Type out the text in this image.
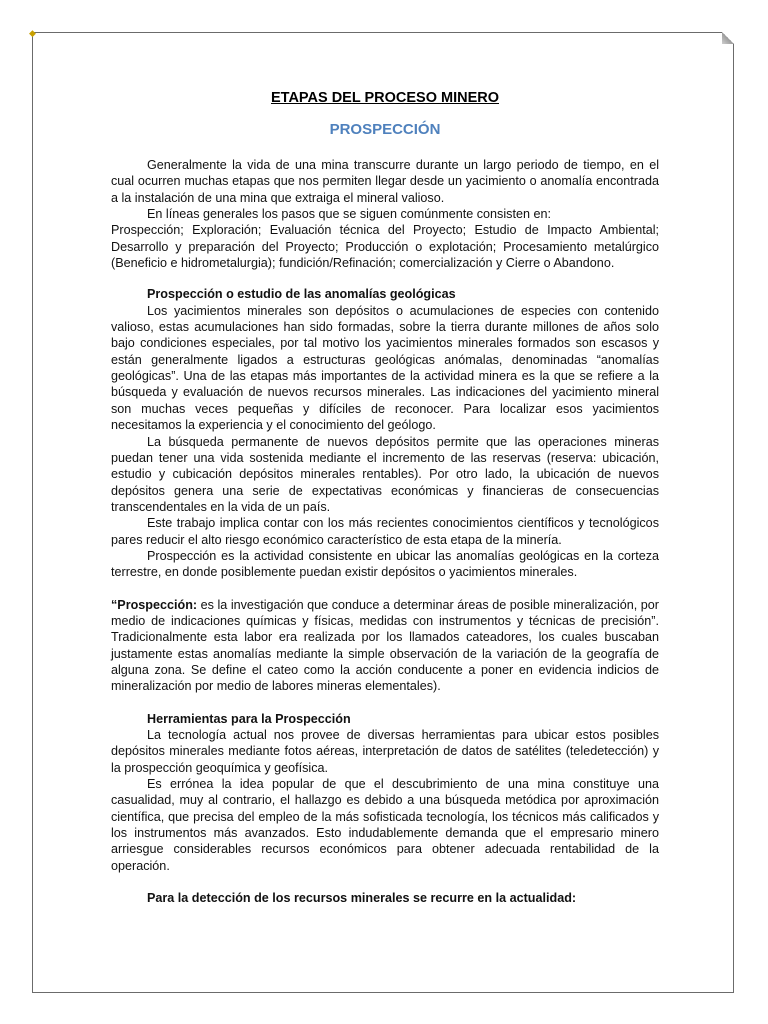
◆
ETAPAS DEL PROCESO MINERO
PROSPECCIÓN

Generalmente la vida de una mina transcurre durante un largo periodo de tiempo, en el cual ocurren muchas etapas que nos permiten llegar desde un yacimiento o anomalía encontrada a la instalación de una mina que extraiga el mineral valioso.

En líneas generales los pasos que se siguen comúnmente consisten en:

Prospección; Exploración; Evaluación técnica del Proyecto; Estudio de Impacto Ambiental; Desarrollo y preparación del Proyecto; Producción o explotación; Procesamiento metalúrgico (Beneficio e hidrometalurgia); fundición/Refinación; comercialización y Cierre o Abandono.

Prospección o estudio de las anomalías geológicas

Los yacimientos minerales son depósitos o acumulaciones de especies con contenido valioso, estas acumulaciones han sido formadas, sobre la tierra durante millones de años solo bajo condiciones especiales, por tal motivo los yacimientos minerales formados son escasos y están generalmente ligados a estructuras geológicas anómalas, denominadas “anomalías geológicas”. Una de las etapas más importantes de la actividad minera es la que se refiere a la búsqueda y evaluación de nuevos recursos minerales. Las indicaciones del yacimiento mineral son muchas veces pequeñas y difíciles de reconocer. Para localizar esos yacimientos necesitamos la experiencia y el conocimiento del geólogo.

La búsqueda permanente de nuevos depósitos permite que las operaciones mineras puedan tener una vida sostenida mediante el incremento de las reservas (reserva: ubicación, estudio y cubicación depósitos minerales rentables). Por otro lado, la ubicación de nuevos depósitos genera una serie de expectativas económicas y financieras de consecuencias transcendentales en la vida de un país.

Este trabajo implica contar con los más recientes conocimientos científicos y tecnológicos pares reducir el alto riesgo económico característico de esta etapa de la minería.

Prospección es la actividad consistente en ubicar las anomalías geológicas en la corteza terrestre, en donde posiblemente puedan existir depósitos o yacimientos minerales.

“Prospección: es la investigación que conduce a determinar áreas de posible mineralización, por medio de indicaciones químicas y físicas, medidas con instrumentos y técnicas de precisión”. Tradicionalmente esta labor era realizada por los llamados cateadores, los cuales buscaban justamente estas anomalías mediante la simple observación de la variación de la geografía de alguna zona. Se define el cateo como la acción conducente a poner en evidencia indicios de mineralización por medio de labores mineras elementales).

Herramientas para la Prospección

La tecnología actual nos provee de diversas herramientas para ubicar estos posibles depósitos minerales mediante fotos aéreas, interpretación de datos de satélites (teledetección) y la prospección geoquímica y geofísica.

Es errónea la idea popular de que el descubrimiento de una mina constituye una casualidad, muy al contrario, el hallazgo es debido a una búsqueda metódica por aproximación científica, que precisa del empleo de la más sofisticada tecnología, los técnicos más calificados y los instrumentos más avanzados. Esto indudablemente demanda que el empresario minero arriesgue considerables recursos económicos para obtener adecuada rentabilidad de la operación.

Para la detección de los recursos minerales se recurre en la actualidad:
